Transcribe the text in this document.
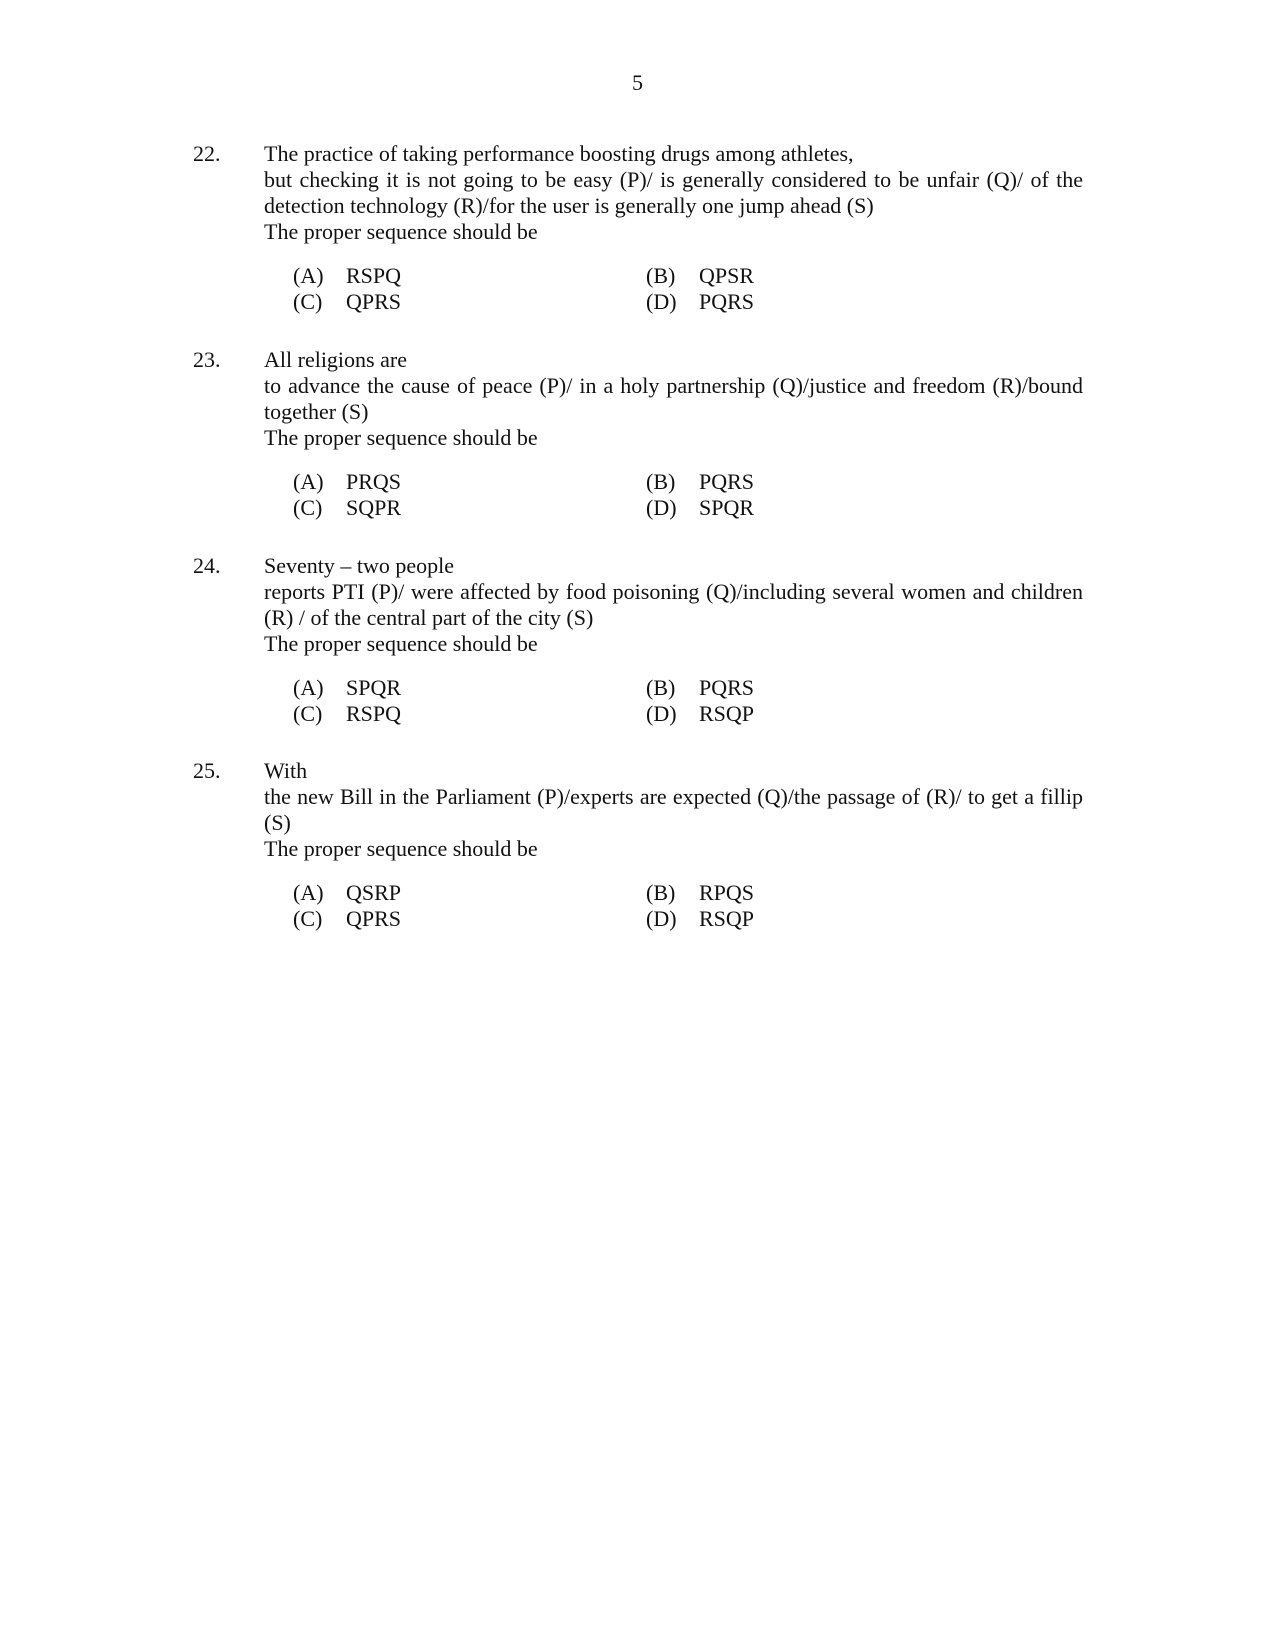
5
22. The practice of taking performance boosting drugs among athletes,

but checking it is not going to be easy (P)/ is generally considered to be unfair (Q)/ of the detection technology (R)/for the user is generally one jump ahead (S)

The proper sequence should be

(A) RSPQ	(B) QPSR
(C) QPRS	(D) PQRS
23. All religions are

to advance the cause of peace (P)/ in a holy partnership (Q)/justice and freedom (R)/bound together (S)

The proper sequence should be

(A) PRQS	(B) PQRS
(C) SQPR	(D) SPQR
24. Seventy – two people

reports PTI (P)/ were affected by food poisoning (Q)/including several women and children (R) / of the central part of the city (S)

The proper sequence should be

(A) SPQR	(B) PQRS
(C) RSPQ	(D) RSQP
25. With

the new Bill in the Parliament (P)/experts are expected (Q)/the passage of (R)/ to get a fillip (S)

The proper sequence should be

(A) QSRP	(B) RPQS
(C) QPRS	(D) RSQP
